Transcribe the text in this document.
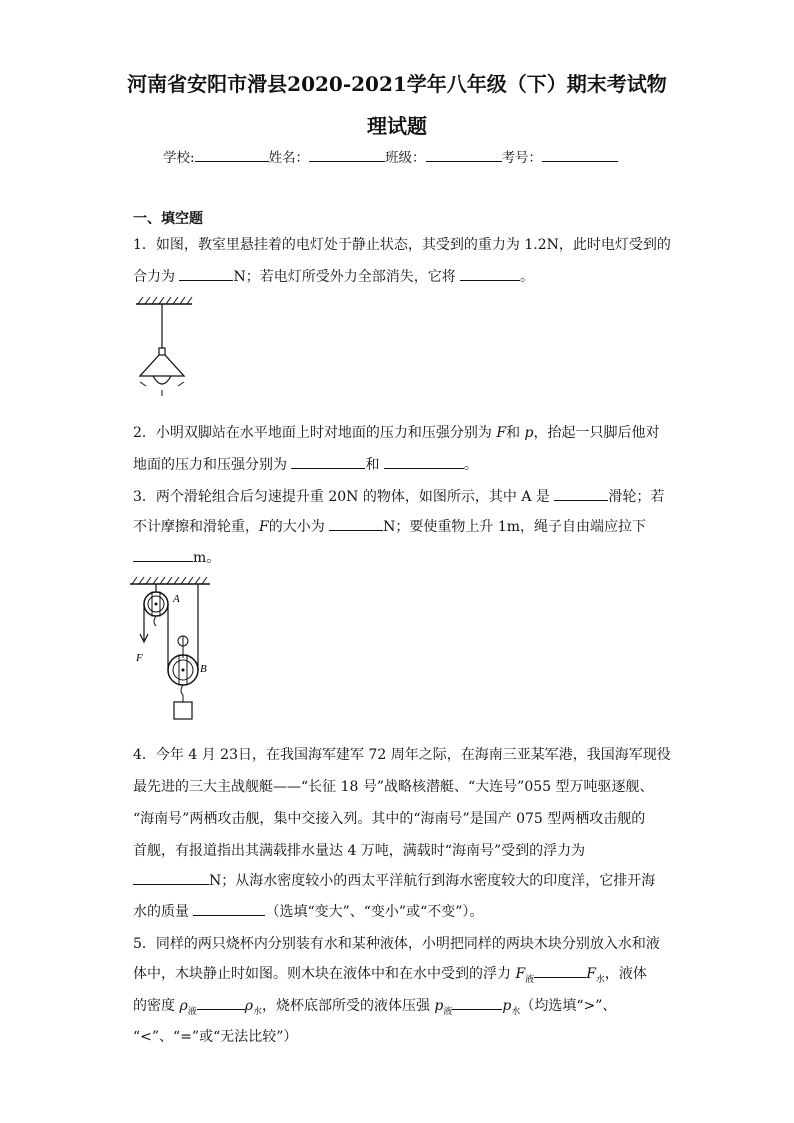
河南省安阳市滑县2020-2021学年八年级（下）期末考试物
理试题
学校:	姓名：	班级：	考号：
一、填空题
1．如图，教室里悬挂着的电灯处于静止状态，其受到的重力为 1.2N，此时电灯受到的
合力为	N；若电灯所受外力全部消失，它将	。
2．小明双脚站在水平地面上时对地面的压力和压强分别为 F和 p，抬起一只脚后他对
地面的压力和压强分别为	和	。
3．两个滑轮组合后匀速提升重 20N 的物体，如图所示，其中 A 是	滑轮；若
不计摩擦和滑轮重，F的大小为	N；要使重物上升 1m，绳子自由端应拉下
m。
A
B
F
4．今年 4 月 23日，在我国海军建军 72 周年之际，在海南三亚某军港，我国海军现役
最先进的三大主战舰艇——“长征 18 号”战略核潜艇、“大连号”055 型万吨驱逐舰、
“海南号”两栖攻击舰，集中交接入列。其中的“海南号”是国产 075 型两栖攻击舰的
首舰，有报道指出其满载排水量达 4 万吨，满载时“海南号”受到的浮力为
N；从海水密度较小的西太平洋航行到海水密度较大的印度洋，它排开海
水的质量	（选填“变大”、“变小”或“不变”）。
5．同样的两只烧杯内分别装有水和某种液体，小明把同样的两块木块分别放入水和液
体中，木块静止时如图。则木块在液体中和在水中受到的浮力 $F_液$	$F_水$，液体
的密度 $\rho_液$	$\rho_水$，烧杯底部所受的液体压强 $p_液$	$p_水$（均选填“>”、
“<”、“=”或“无法比较”）
